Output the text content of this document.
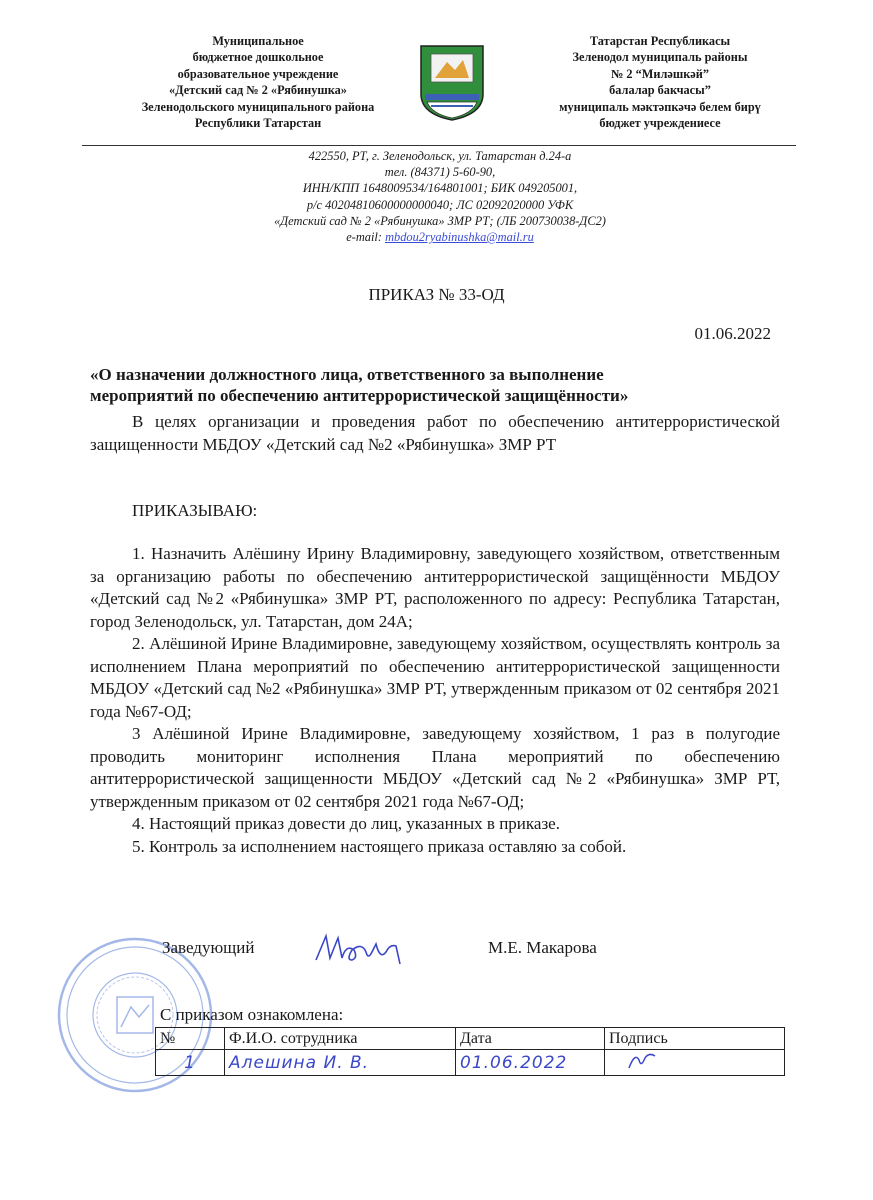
Муниципальное
бюджетное дошкольное
образовательное учреждение
«Детский сад № 2 «Рябинушка»
Зеленодольского муниципального района
Республики Татарстан
Татарстан Республикасы
Зеленодол муниципаль районы
№ 2 “Миләшкәй”
балалар бакчасы”
муниципаль мәктәпкәчә белем бирү
бюджет учреждениесе
422550, РТ, г. Зеленодольск, ул. Татарстан д.24-а
тел. (84371) 5-60-90,
ИНН/КПП 1648009534/164801001; БИК 049205001,
р/с 40204810600000000040; ЛС 02092020000 УФК
«Детский сад № 2 «Рябинушка» ЗМР РТ; (ЛБ 200730038-ДС2)
e-mail: mbdou2ryabinushka@mail.ru
ПРИКАЗ № 33-ОД
01.06.2022
«О назначении должностного лица, ответственного за выполнение
мероприятий по обеспечению антитеррористической защищённости»
В целях организации и проведения работ по обеспечению антитеррористической защищенности МБДОУ «Детский сад №2 «Рябинушка» ЗМР РТ
ПРИКАЗЫВАЮ:
1. Назначить Алёшину Ирину Владимировну, заведующего хозяйством, ответственным за организацию работы по обеспечению антитеррористической защищённости МБДОУ «Детский сад №2 «Рябинушка» ЗМР РТ, расположенного по адресу: Республика Татарстан, город Зеленодольск, ул. Татарстан, дом 24А;
2. Алёшиной Ирине Владимировне, заведующему хозяйством, осуществлять контроль за исполнением Плана мероприятий по обеспечению антитеррористической защищенности МБДОУ «Детский сад №2 «Рябинушка» ЗМР РТ, утвержденным приказом от 02 сентября 2021 года №67-ОД;
3 Алёшиной Ирине Владимировне, заведующему хозяйством, 1 раз в полугодие проводить мониторинг исполнения Плана мероприятий по обеспечению антитеррористической защищенности МБДОУ «Детский сад №2 «Рябинушка» ЗМР РТ, утвержденным приказом от 02 сентября 2021 года №67-ОД;
4. Настоящий приказ довести до лиц, указанных в приказе.
5. Контроль за исполнением настоящего приказа оставляю за собой.
Заведующий	М.Е. Макарова
С приказом ознакомлена:
№	Ф.И.О. сотрудника	Дата	Подпись
1	Алешина И. В.	01.06.2022	
